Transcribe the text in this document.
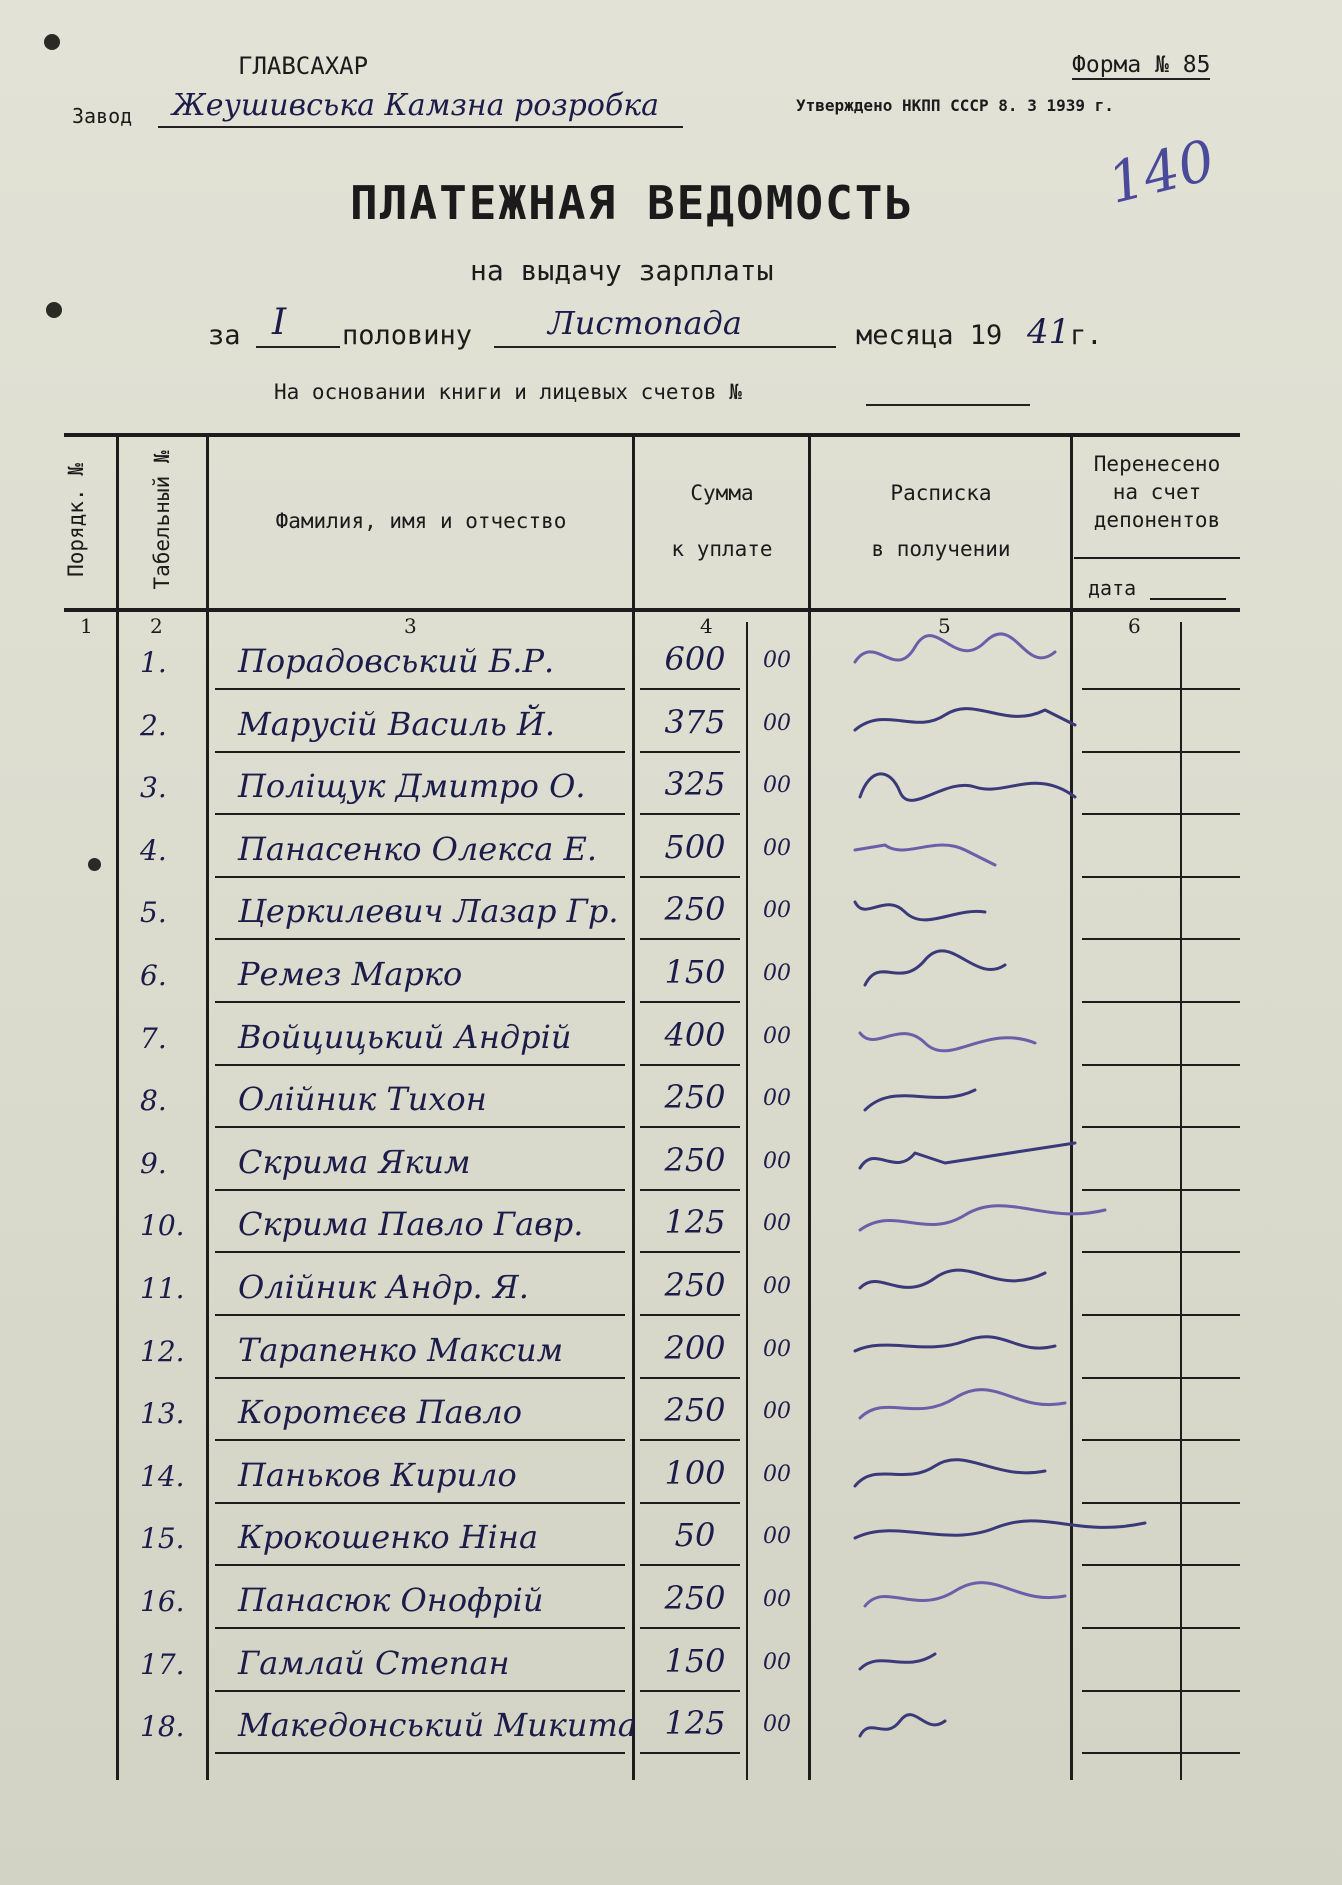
ГЛАВСАХАР	Форма № 85
Завод Жеушивська Камзна розробка	Утверждено НКПП СССР 8. 3 1939 г.
140
ПЛАТЕЖНАЯ ВЕДОМОСТЬ
на выдачу зарплаты
за I половину Листопада	месяца 19 41 г.
На основании книги и лицевых счетов №
Порядк. №	Табельный №	Фамилия, имя и отчество
Сумма
к уплате
Расписка
в получении
Перенесено
на счет
депонентов
дата
1	2	3	4	5	6
1.	Порадовський Б.Р.	600	00
2.	Марусій Василь Й.	375	00
3.	Поліщук Дмитро О.	325	00
4.	Панасенко Олекса Е.	500	00
5.	Церкилевич Лазар Гр.	250	00
6.	Ремез Марко	150	00
7.	Войцицький Андрій	400	00
8.	Олійник Тихон	250	00
9.	Скрима Яким	250	00
10.	Скрима Павло Гавр.	125	00
11.	Олійник Андр. Я.	250	00
12.	Тарапенко Максим	200	00
13.	Коротєєв Павло	250	00
14.	Паньков Кирило	100	00
15.	Крокошенко Ніна	50	00
16.	Панасюк Онофрій	250	00
17.	Гамлай Степан	150	00
18.	Македонський Микита 125	00
